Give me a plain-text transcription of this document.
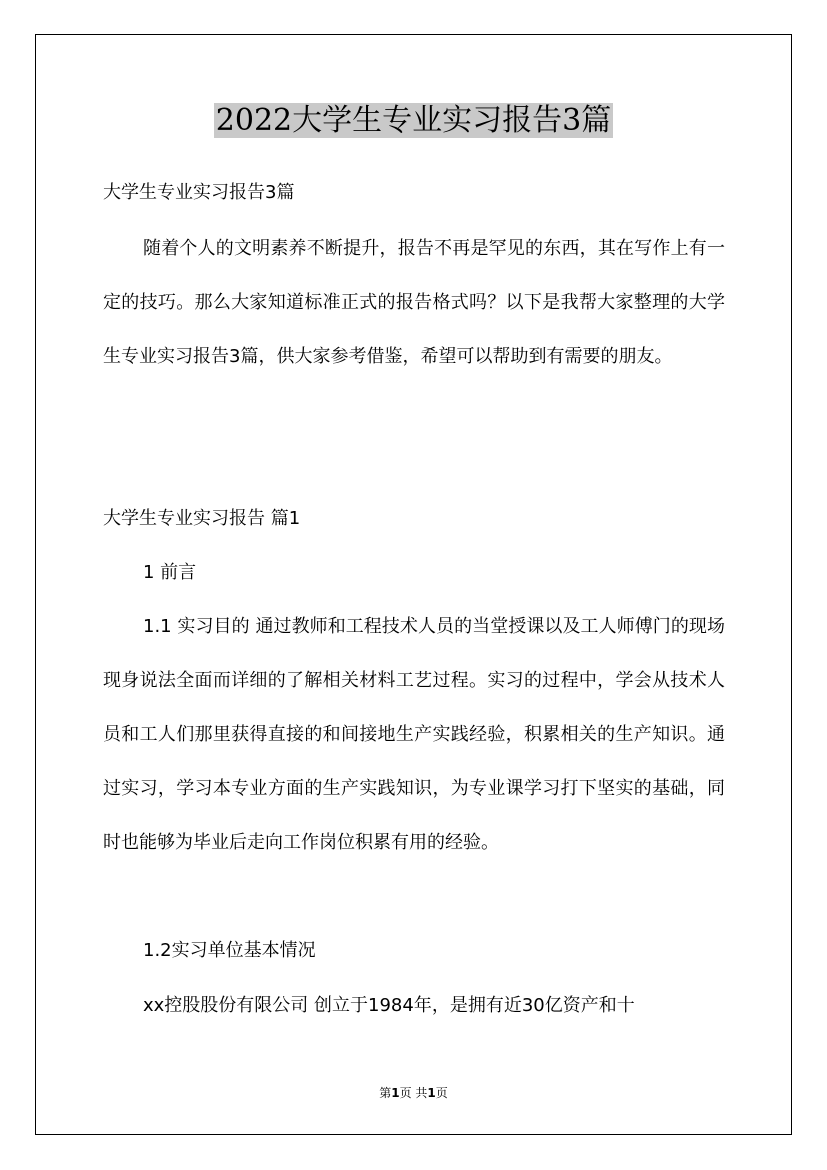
2022大学生专业实习报告3篇

大学生专业实习报告3篇

随着个人的文明素养不断提升，报告不再是罕见的东西，其在写作上有一定的技巧。那么大家知道标准正式的报告格式吗？以下是我帮大家整理的大学生专业实习报告3篇，供大家参考借鉴，希望可以帮助到有需要的朋友。

大学生专业实习报告 篇1

1 前言

1.1 实习目的 通过教师和工程技术人员的当堂授课以及工人师傅门的现场现身说法全面而详细的了解相关材料工艺过程。实习的过程中，学会从技术人员和工人们那里获得直接的和间接地生产实践经验，积累相关的生产知识。通过实习，学习本专业方面的生产实践知识，为专业课学习打下坚实的基础，同时也能够为毕业后走向工作岗位积累有用的经验。

1.2实习单位基本情况

xx控股股份有限公司 创立于1984年，是拥有近30亿资产和十

第1页 共1页
